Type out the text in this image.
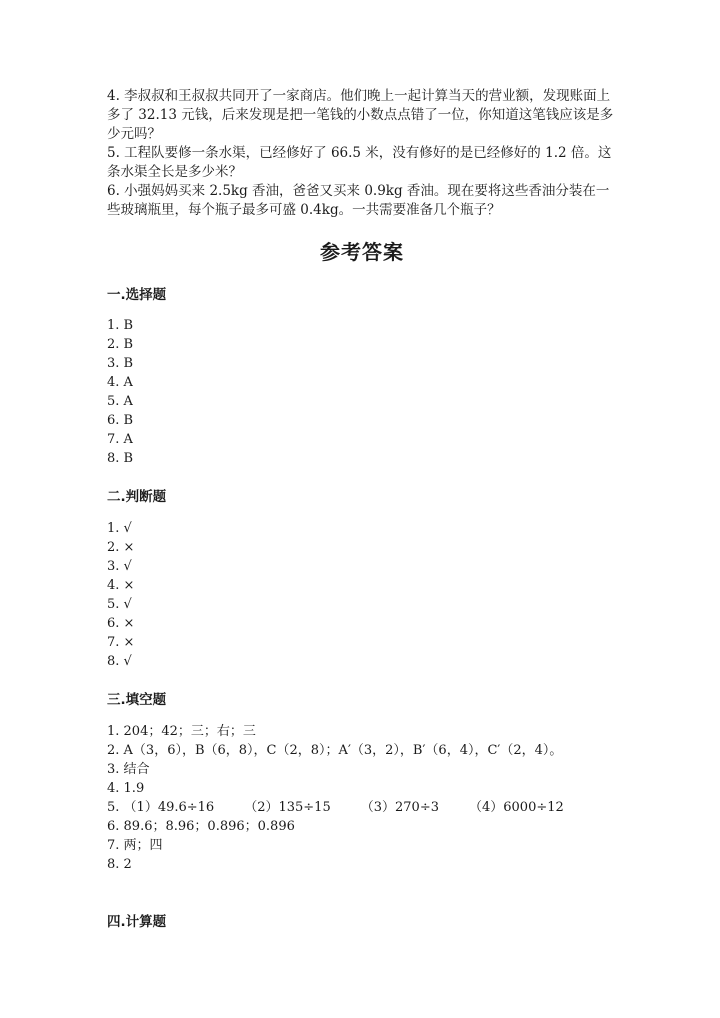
4. 李叔叔和王叔叔共同开了一家商店。他们晚上一起计算当天的营业额，发现账面上多了 32.13 元钱，后来发现是把一笔钱的小数点点错了一位，你知道这笔钱应该是多少元吗？

5. 工程队要修一条水渠，已经修好了 66.5 米，没有修好的是已经修好的 1.2 倍。这条水渠全长是多少米？

6. 小强妈妈买来 2.5kg 香油，爸爸又买来 0.9kg 香油。现在要将这些香油分装在一些玻璃瓶里，每个瓶子最多可盛 0.4kg。一共需要准备几个瓶子？

参考答案
一.选择题
1. B
2. B
3. B
4. A
5. A
6. B
7. A
8. B
二.判断题
1. √
2. ×
3. √
4. ×
5. √
6. ×
7. ×
8. √
三.填空题
1. 204；42；三；右；三
2. A（3，6），B（6，8），C（2，8）；A′（3，2），B′（6，4），C′（2，4）。
3. 结合
4. 1.9
5. （1）49.6÷16 （2）135÷15 （3）270÷3 （4）6000÷12
6. 89.6；8.96；0.896；0.896
7. 两；四
8. 2
四.计算题
